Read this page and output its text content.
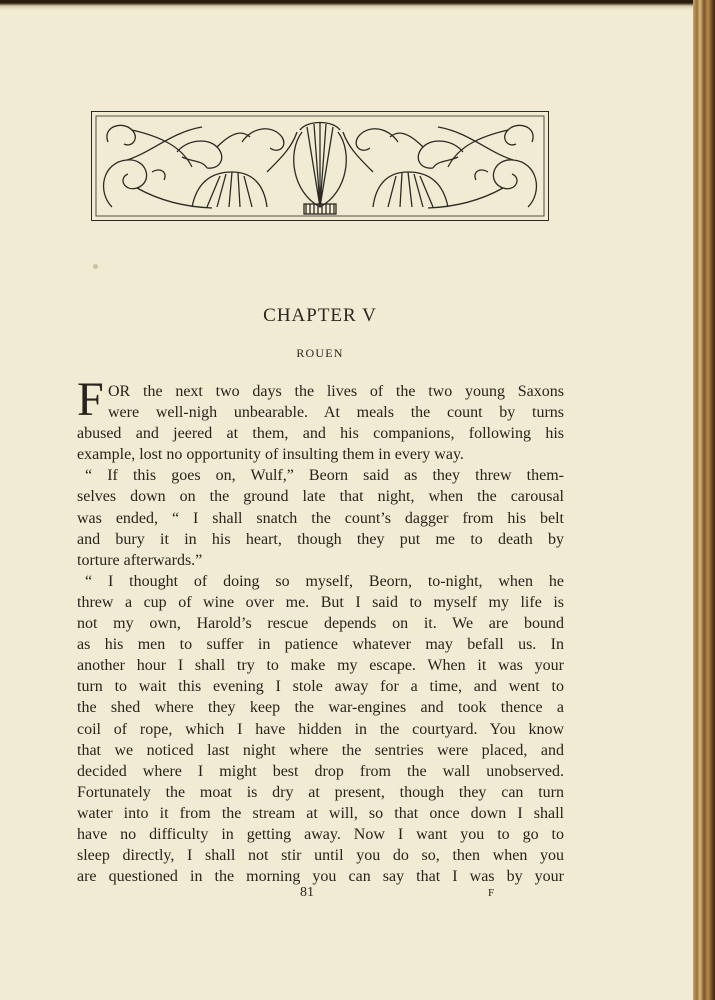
CHAPTER V
ROUEN
F OR the next two days the lives of the two young Saxons
were well-nigh unbearable. At meals the count by turns
abused and jeered at them, and his companions, following his
example, lost no opportunity of insulting them in every way.
“ If this goes on, Wulf,” Beorn said as they threw them-
selves down on the ground late that night, when the carousal
was ended, “ I shall snatch the count’s dagger from his belt
and bury it in his heart, though they put me to death by
torture afterwards.”
“ I thought of doing so myself, Beorn, to-night, when he
threw a cup of wine over me. But I said to myself my life is
not my own, Harold’s rescue depends on it. We are bound
as his men to suffer in patience whatever may befall us. In
another hour I shall try to make my escape. When it was your
turn to wait this evening I stole away for a time, and went to
the shed where they keep the war-engines and took thence a
coil of rope, which I have hidden in the courtyard. You know
that we noticed last night where the sentries were placed, and
decided where I might best drop from the wall unobserved.
Fortunately the moat is dry at present, though they can turn
water into it from the stream at will, so that once down I shall
have no difficulty in getting away. Now I want you to go to
sleep directly, I shall not stir until you do so, then when you
are questioned in the morning you can say that I was by your
81	F
